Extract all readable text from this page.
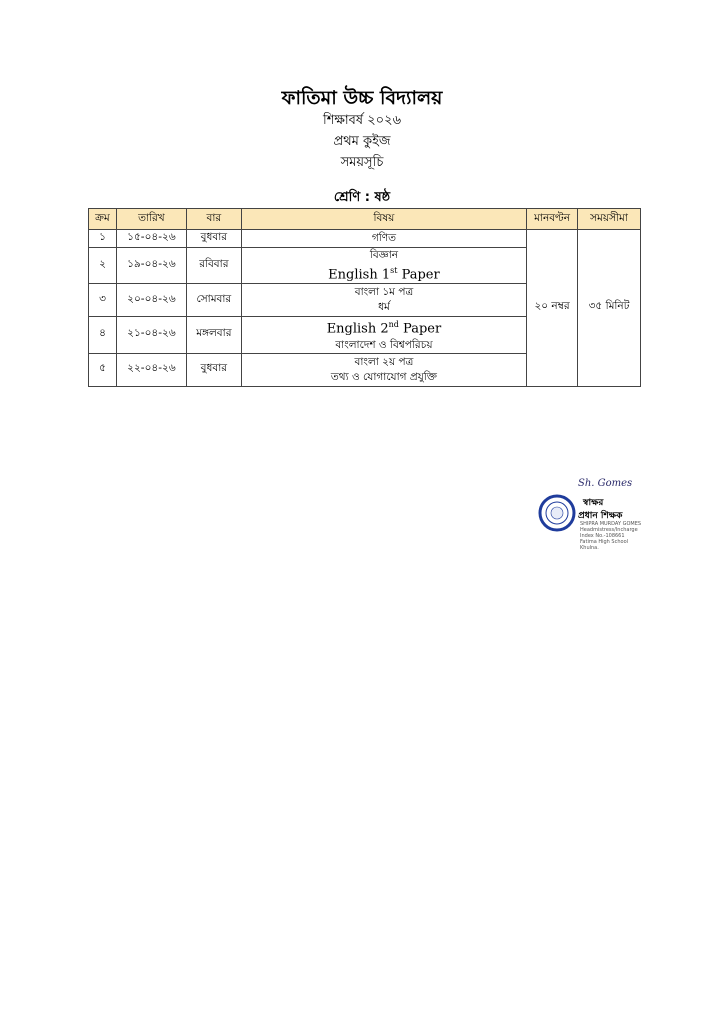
ফাতিমা উচ্চ বিদ্যালয়
শিক্ষাবর্ষ ২০২৬
প্রথম কুইজ
সময়সূচি
শ্রেণি : ষষ্ঠ
ক্রম	তারিখ	বার	বিষয়	মানবণ্টন	সময়সীমা
১	১৫-০৪-২৬	বুধবার	গণিত	২০ নম্বর	৩৫ মিনিট
২	১৯-০৪-২৬	রবিবার	বিজ্ঞান
English 1st Paper		

৩	২০-০৪-২৬	সোমবার	বাংলা ১ম পত্র
ধর্ম		

৪	২১-০৪-২৬	মঙ্গলবার	English 2nd Paper
বাংলাদেশ ও বিশ্বপরিচয়		

৫	২২-০৪-২৬	বুধবার	বাংলা ২য় পত্র
তথ্য ও যোগাযোগ প্রযুক্তি		
Sh. Gomes
স্বাক্ষর
প্রধান শিক্ষক
SHIPRA MURDAY GOMES
Headmistress/Incharge
Index No.-108661
Fatima High School
Khulna.
